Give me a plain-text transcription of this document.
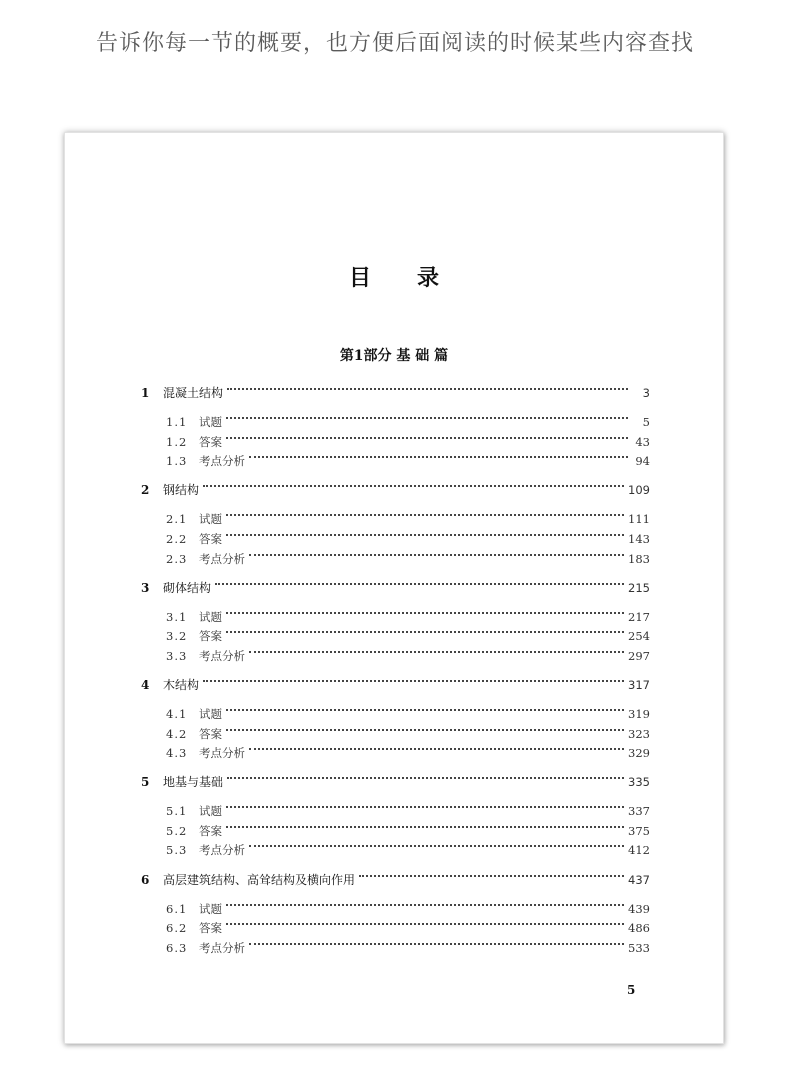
告诉你每一节的概要，也方便后面阅读的时候某些内容查找
目 录
第1部分 基 础 篇
1	混凝土结构	3
1.1	试题	5
1.2	答案	43
1.3	考点分析	94
2	钢结构	109
2.1	试题	111
2.2	答案	143
2.3	考点分析	183
3	砌体结构	215
3.1	试题	217
3.2	答案	254
3.3	考点分析	297
4	木结构	317
4.1	试题	319
4.2	答案	323
4.3	考点分析	329
5	地基与基础	335
5.1	试题	337
5.2	答案	375
5.3	考点分析	412
6	高层建筑结构、高耸结构及横向作用	437
6.1	试题	439
6.2	答案	486
6.3	考点分析	533
5
